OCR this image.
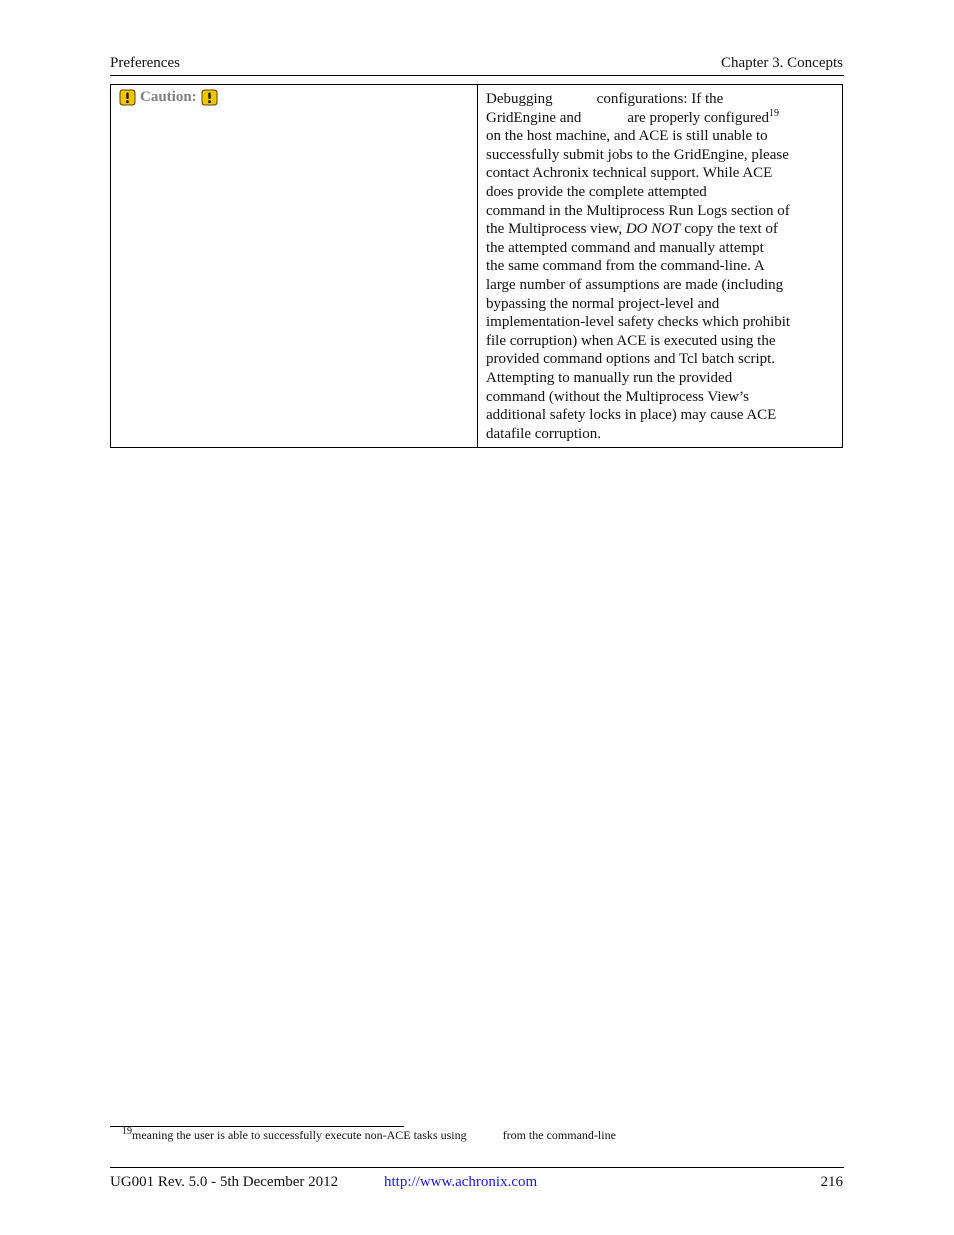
Preferences	Chapter 3. Concepts
Caution:	Debugging	configurations: If the
GridEngine and	are properly configured$^{19}$
on the host machine, and ACE is still unable to
successfully submit jobs to the GridEngine, please
contact Achronix technical support. While ACE
does provide the complete attempted
command in the Multiprocess Run Logs section of
the Multiprocess view, DO NOT copy the text of
the attempted command and manually attempt
the same command from the command-line. A
large number of assumptions are made (including
bypassing the normal project-level and
implementation-level safety checks which prohibit
file corruption) when ACE is executed using the
provided command options and Tcl batch script.
Attempting to manually run the provided
command (without the Multiprocess View’s
additional safety locks in place) may cause ACE
datafile corruption.
$^{19}$meaning the user is able to successfully execute non-ACE tasks using	from the command-line
UG001 Rev. 5.0 - 5th December 2012	http://www.achronix.com	216
